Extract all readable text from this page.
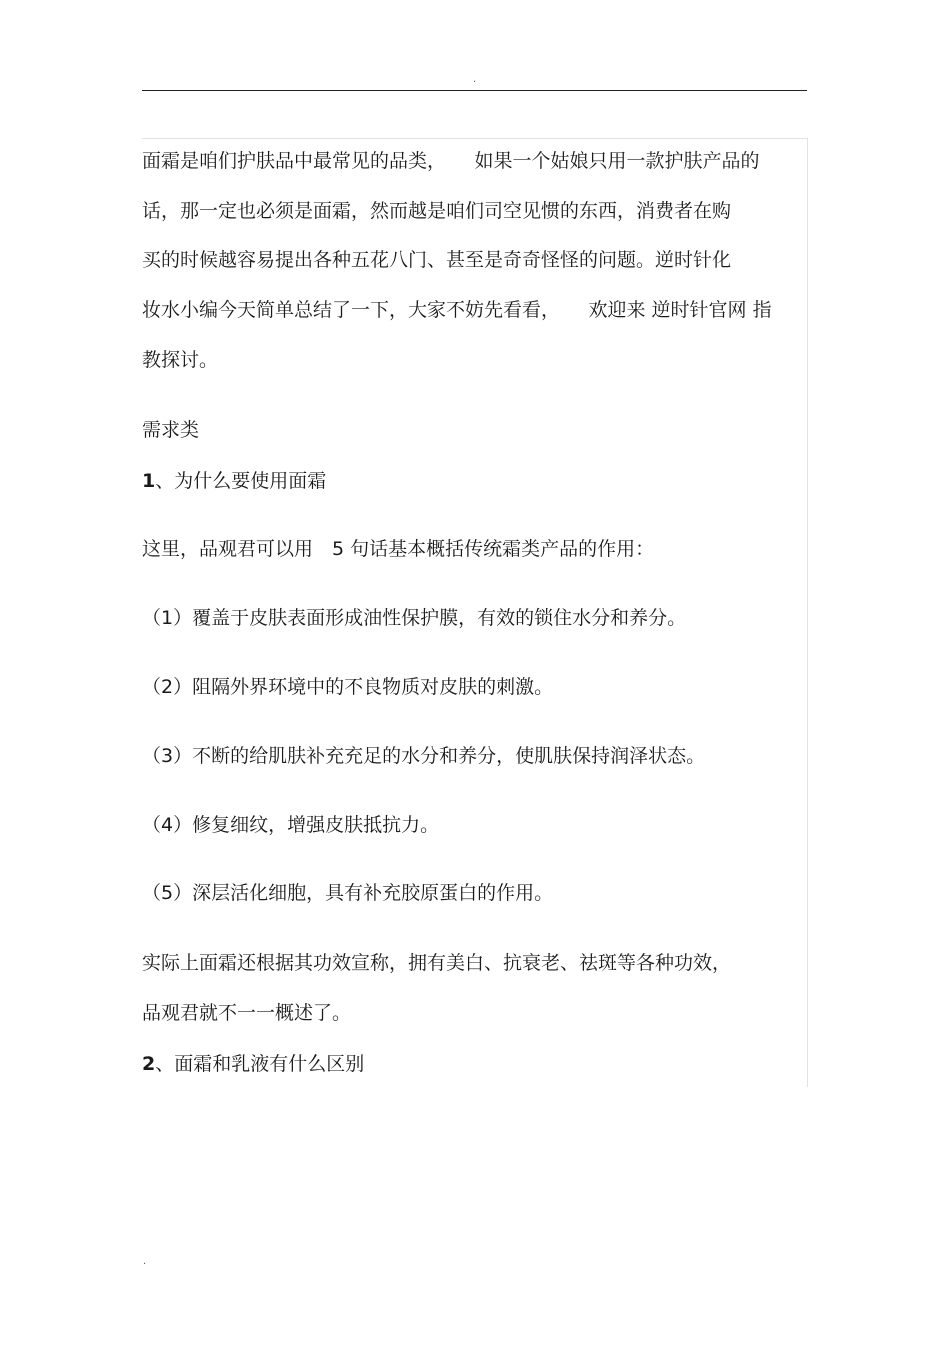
.
面霜是咱们护肤品中最常见的品类，　　如果一个姑娘只用一款护肤产品的
话，那一定也必须是面霜，然而越是咱们司空见惯的东西，消费者在购
买的时候越容易提出各种五花八门、甚至是奇奇怪怪的问题。逆时针化
妆水小编今天简单总结了一下，大家不妨先看看，　　欢迎来 逆时针官网 指
教探讨。
需求类
1、为什么要使用面霜
这里，品观君可以用　5 句话基本概括传统霜类产品的作用：
（1）覆盖于皮肤表面形成油性保护膜，有效的锁住水分和养分。
（2）阻隔外界环境中的不良物质对皮肤的刺激。
（3）不断的给肌肤补充充足的水分和养分，使肌肤保持润泽状态。
（4）修复细纹，增强皮肤抵抗力。
（5）深层活化细胞，具有补充胶原蛋白的作用。
实际上面霜还根据其功效宣称，拥有美白、抗衰老、祛斑等各种功效，
品观君就不一一概述了。
2、面霜和乳液有什么区别
.
